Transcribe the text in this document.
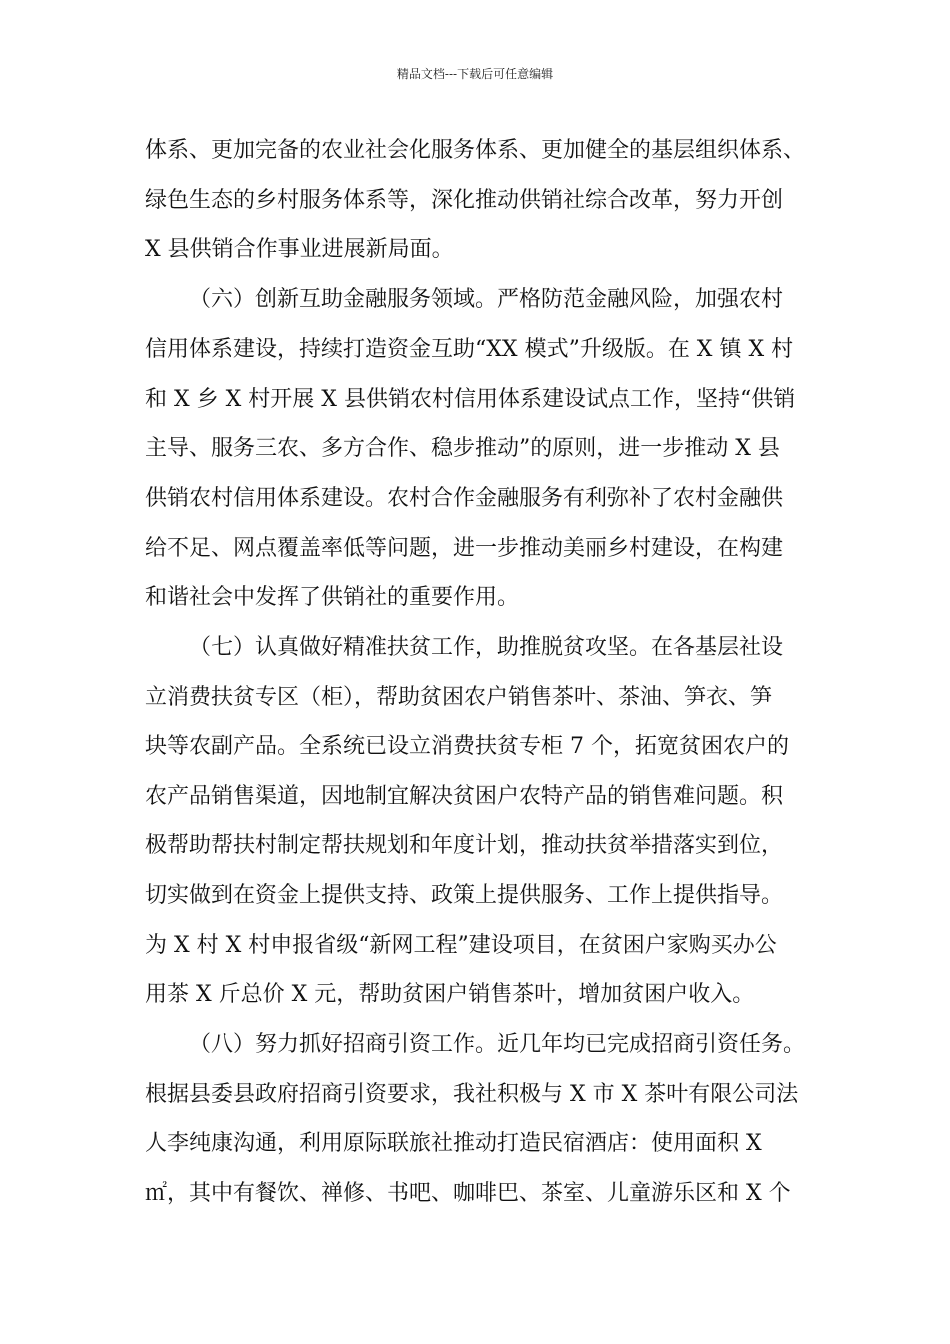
精品文档---下载后可任意编辑
体系、更加完备的农业社会化服务体系、更加健全的基层组织体系、
绿色生态的乡村服务体系等，深化推动供销社综合改革，努力开创
X 县供销合作事业进展新局面。
（六）创新互助金融服务领域。严格防范金融风险，加强农村
信用体系建设，持续打造资金互助“XX 模式”升级版。在 X 镇 X 村
和 X 乡 X 村开展 X 县供销农村信用体系建设试点工作，坚持“供销
主导、服务三农、多方合作、稳步推动”的原则，进一步推动 X 县
供销农村信用体系建设。农村合作金融服务有利弥补了农村金融供
给不足、网点覆盖率低等问题，进一步推动美丽乡村建设，在构建
和谐社会中发挥了供销社的重要作用。
（七）认真做好精准扶贫工作，助推脱贫攻坚。在各基层社设
立消费扶贫专区（柜），帮助贫困农户销售茶叶、茶油、笋衣、笋
块等农副产品。全系统已设立消费扶贫专柜 7 个，拓宽贫困农户的
农产品销售渠道，因地制宜解决贫困户农特产品的销售难问题。积
极帮助帮扶村制定帮扶规划和年度计划，推动扶贫举措落实到位，
切实做到在资金上提供支持、政策上提供服务、工作上提供指导。
为 X 村 X 村申报省级“新网工程”建设项目，在贫困户家购买办公
用茶 X 斤总价 X 元，帮助贫困户销售茶叶，增加贫困户收入。
（八）努力抓好招商引资工作。近几年均已完成招商引资任务。
根据县委县政府招商引资要求，我社积极与 X 市 X 茶叶有限公司法
人李纯康沟通，利用原际联旅社推动打造民宿酒店：使用面积 X
㎡，其中有餐饮、禅修、书吧、咖啡巴、茶室、儿童游乐区和 X 个
